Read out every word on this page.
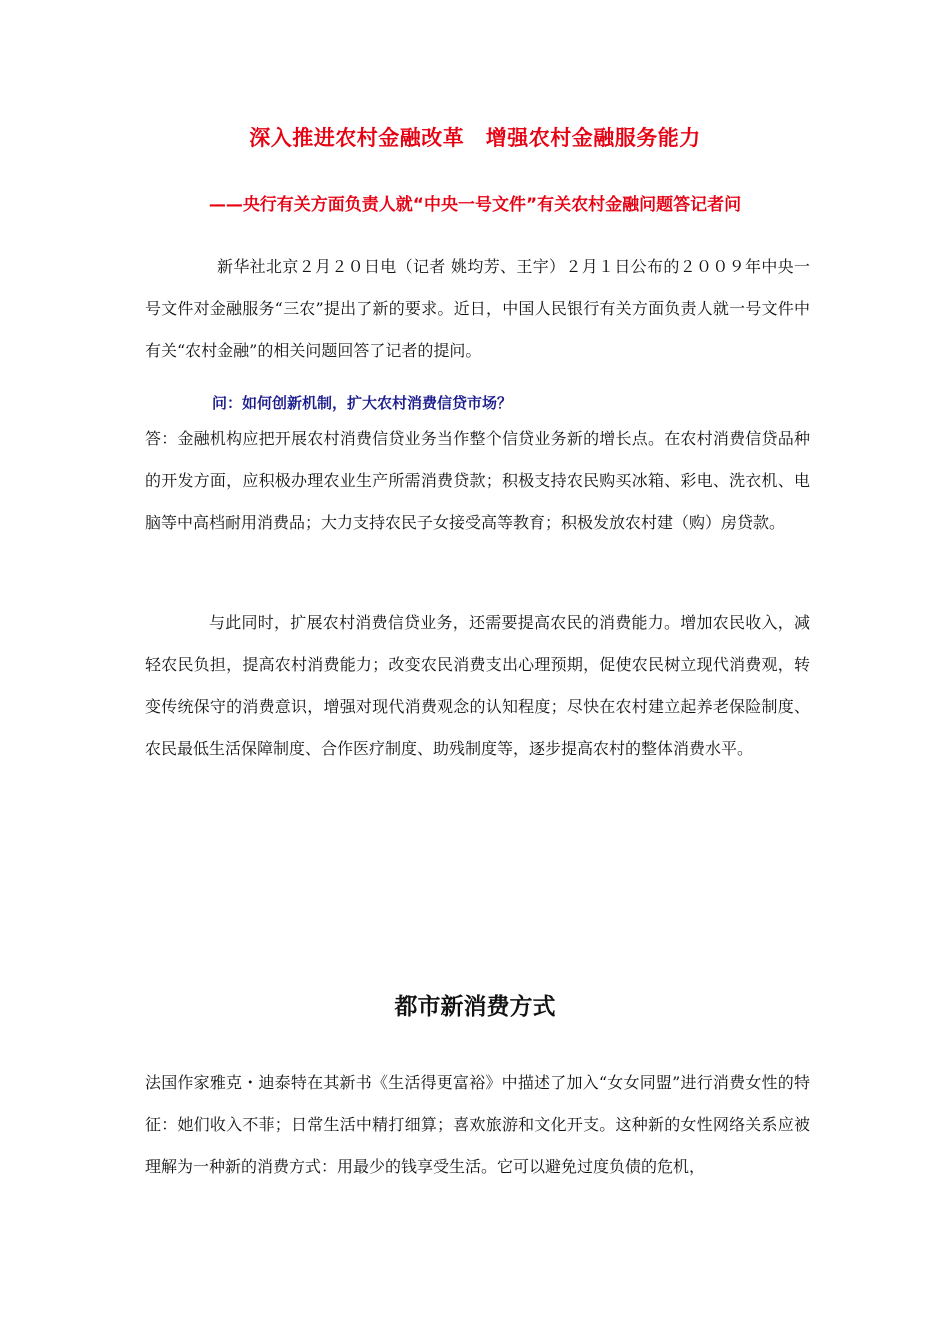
深入推进农村金融改革　增强农村金融服务能力
——央行有关方面负责人就“中央一号文件”有关农村金融问题答记者问

新华社北京２月２０日电（记者 姚均芳、王宇）２月１日公布的２００９年中央一号文件对金融服务“三农”提出了新的要求。近日，中国人民银行有关方面负责人就一号文件中有关“农村金融”的相关问题回答了记者的提问。

问：如何创新机制，扩大农村消费信贷市场？

答：金融机构应把开展农村消费信贷业务当作整个信贷业务新的增长点。在农村消费信贷品种的开发方面，应积极办理农业生产所需消费贷款；积极支持农民购买冰箱、彩电、洗衣机、电脑等中高档耐用消费品；大力支持农民子女接受高等教育；积极发放农村建（购）房贷款。

与此同时，扩展农村消费信贷业务，还需要提高农民的消费能力。增加农民收入，减轻农民负担，提高农村消费能力；改变农民消费支出心理预期，促使农民树立现代消费观，转变传统保守的消费意识，增强对现代消费观念的认知程度；尽快在农村建立起养老保险制度、农民最低生活保障制度、合作医疗制度、助残制度等，逐步提高农村的整体消费水平。

都市新消费方式

法国作家雅克・迪泰特在其新书《生活得更富裕》中描述了加入“女女同盟”进行消费女性的特征：她们收入不菲；日常生活中精打细算；喜欢旅游和文化开支。这种新的女性网络关系应被理解为一种新的消费方式：用最少的钱享受生活。它可以避免过度负债的危机，
